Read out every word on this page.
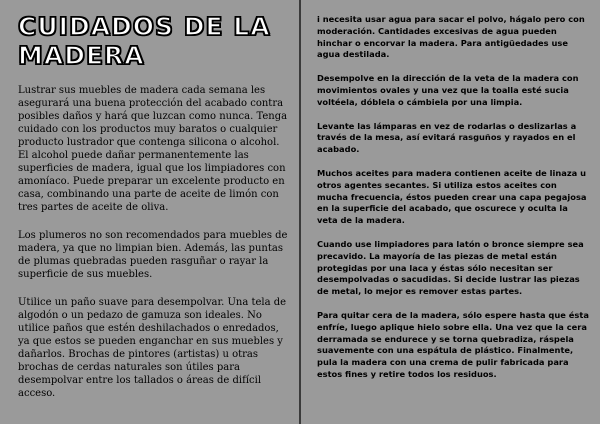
CUIDADOS DE LA
MADERA

Lustrar sus muebles de madera cada semana les asegurará una buena protección del acabado contra posibles daños y hará que luzcan como nunca. Tenga cuidado con los productos muy baratos o cualquier producto lustrador que contenga silicona o alcohol. El alcohol puede dañar permanentemente las superficies de madera, igual que los limpiadores con amoníaco. Puede preparar un excelente producto en casa, combinando una parte de aceite de limón con tres partes de aceite de oliva.

Los plumeros no son recomendados para muebles de madera, ya que no limpian bien. Además, las puntas de plumas quebradas pueden rasguñar o rayar la superficie de sus muebles.

Utilice un paño suave para desempolvar. Una tela de algodón o un pedazo de gamuza son ideales. No utilice paños que estén deshilachados o enredados, ya que estos se pueden enganchar en sus muebles y dañarlos. Brochas de pintores (artistas) u otras brochas de cerdas naturales son útiles para desempolvar entre los tallados o áreas de difícil acceso.

i necesita usar agua para sacar el polvo, hágalo pero con moderación. Cantidades excesivas de agua pueden hinchar o encorvar la madera. Para antigüedades use agua destilada.

Desempolve en la dirección de la veta de la madera con movimientos ovales y una vez que la toalla esté sucia voltéela, dóblela o cámbiela por una limpia.

Levante las lámparas en vez de rodarlas o deslizarlas a través de la mesa, así evitará rasguños y rayados en el acabado.

Muchos aceites para madera contienen aceite de linaza u otros agentes secantes. Si utiliza estos aceites con mucha frecuencia, éstos pueden crear una capa pegajosa en la superficie del acabado, que oscurece y oculta la veta de la madera.

Cuando use limpiadores para latón o bronce siempre sea precavido. La mayoría de las piezas de metal están protegidas por una laca y éstas sólo necesitan ser desempolvadas o sacudidas. Si decide lustrar las piezas de metal, lo mejor es remover estas partes.

Para quitar cera de la madera, sólo espere hasta que ésta enfríe, luego aplique hielo sobre ella. Una vez que la cera derramada se endurece y se torna quebradiza, ráspela suavemente con una espátula de plástico. Finalmente, pula la madera con una crema de pulir fabricada para estos fines y retire todos los residuos.
